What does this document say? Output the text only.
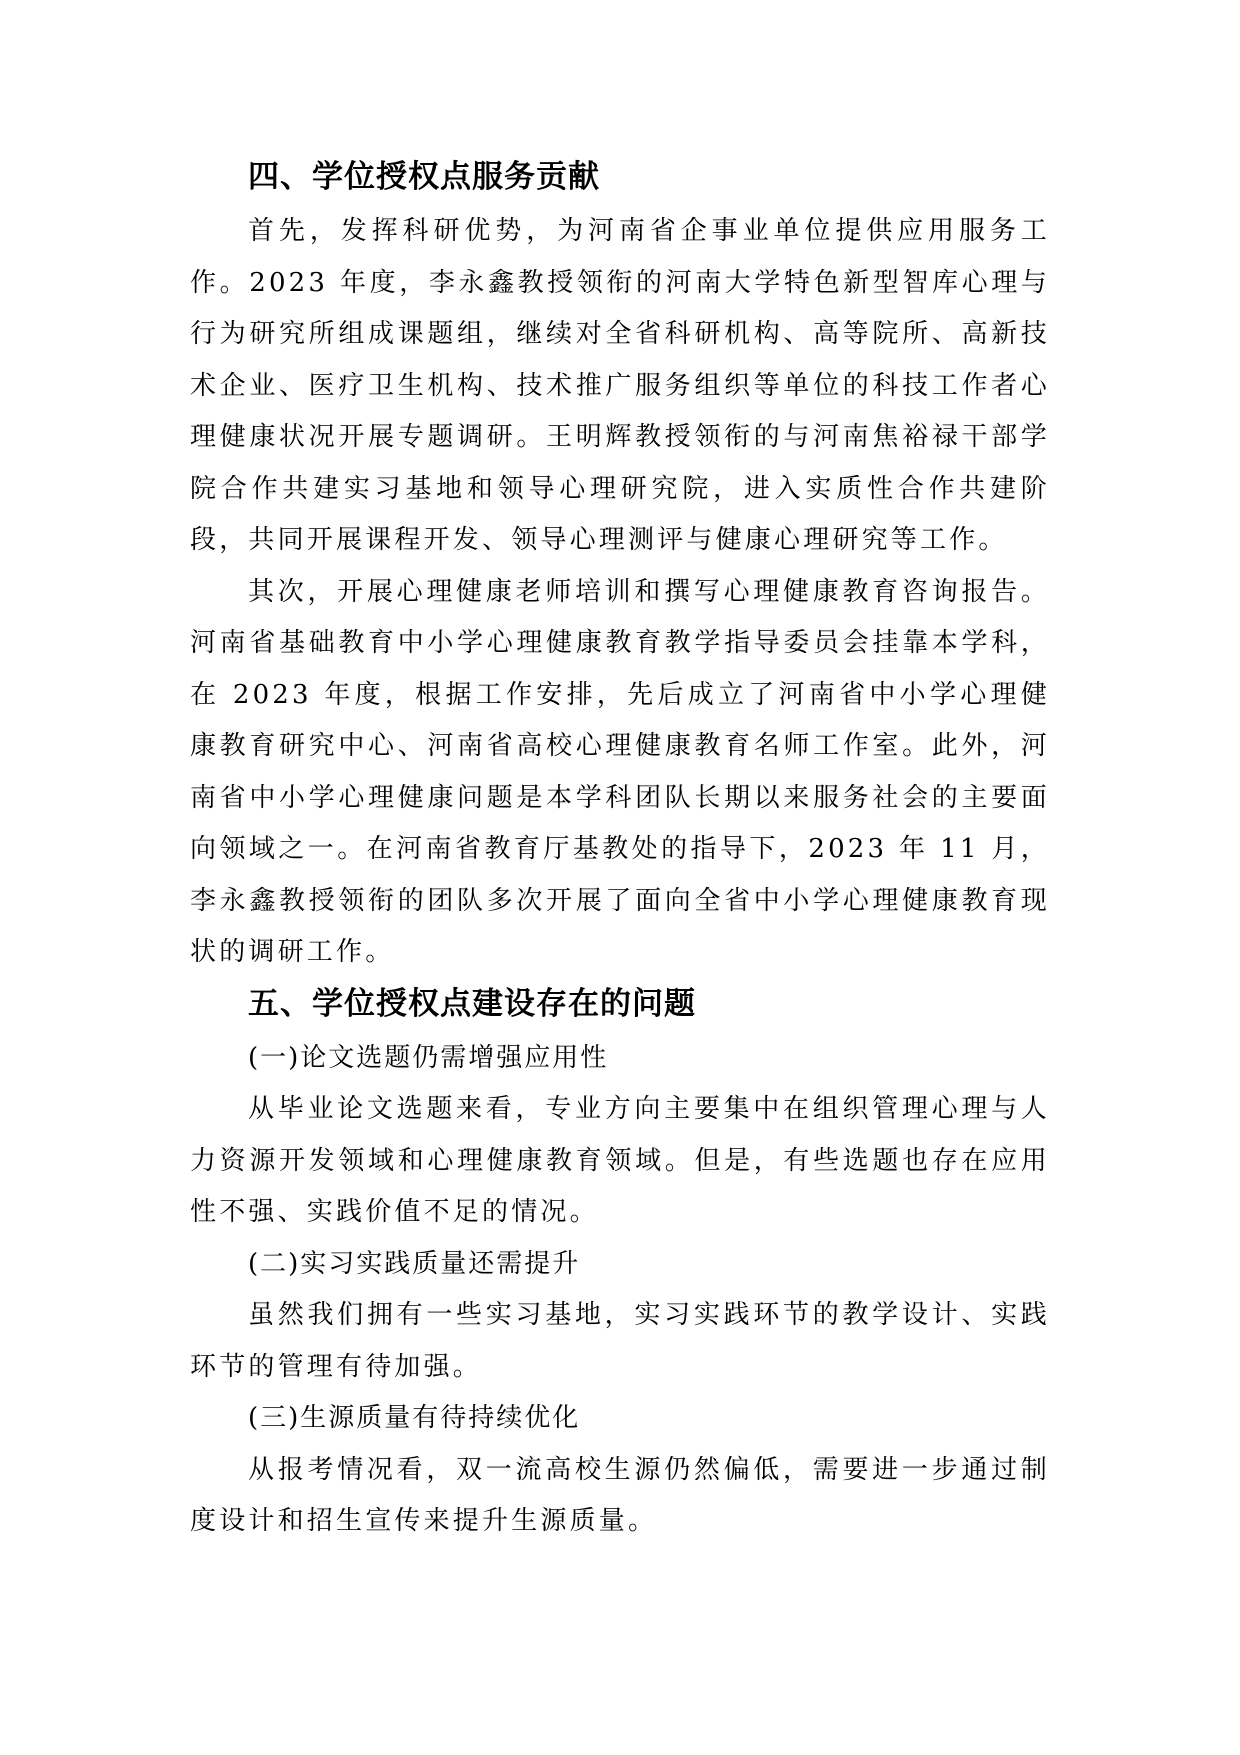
四、学位授权点服务贡献

首先，发挥科研优势，为河南省企事业单位提供应用服务工作。2023 年度，李永鑫教授领衔的河南大学特色新型智库心理与行为研究所组成课题组，继续对全省科研机构、高等院所、高新技术企业、医疗卫生机构、技术推广服务组织等单位的科技工作者心理健康状况开展专题调研。王明辉教授领衔的与河南焦裕禄干部学院合作共建实习基地和领导心理研究院，进入实质性合作共建阶段，共同开展课程开发、领导心理测评与健康心理研究等工作。

其次，开展心理健康老师培训和撰写心理健康教育咨询报告。河南省基础教育中小学心理健康教育教学指导委员会挂靠本学科，在 2023 年度，根据工作安排，先后成立了河南省中小学心理健康教育研究中心、河南省高校心理健康教育名师工作室。此外，河南省中小学心理健康问题是本学科团队长期以来服务社会的主要面向领域之一。在河南省教育厅基教处的指导下，2023 年 11 月，李永鑫教授领衔的团队多次开展了面向全省中小学心理健康教育现状的调研工作。

五、学位授权点建设存在的问题

(一)论文选题仍需增强应用性

从毕业论文选题来看，专业方向主要集中在组织管理心理与人力资源开发领域和心理健康教育领域。但是，有些选题也存在应用性不强、实践价值不足的情况。

(二)实习实践质量还需提升

虽然我们拥有一些实习基地，实习实践环节的教学设计、实践环节的管理有待加强。

(三)生源质量有待持续优化

从报考情况看，双一流高校生源仍然偏低，需要进一步通过制度设计和招生宣传来提升生源质量。
